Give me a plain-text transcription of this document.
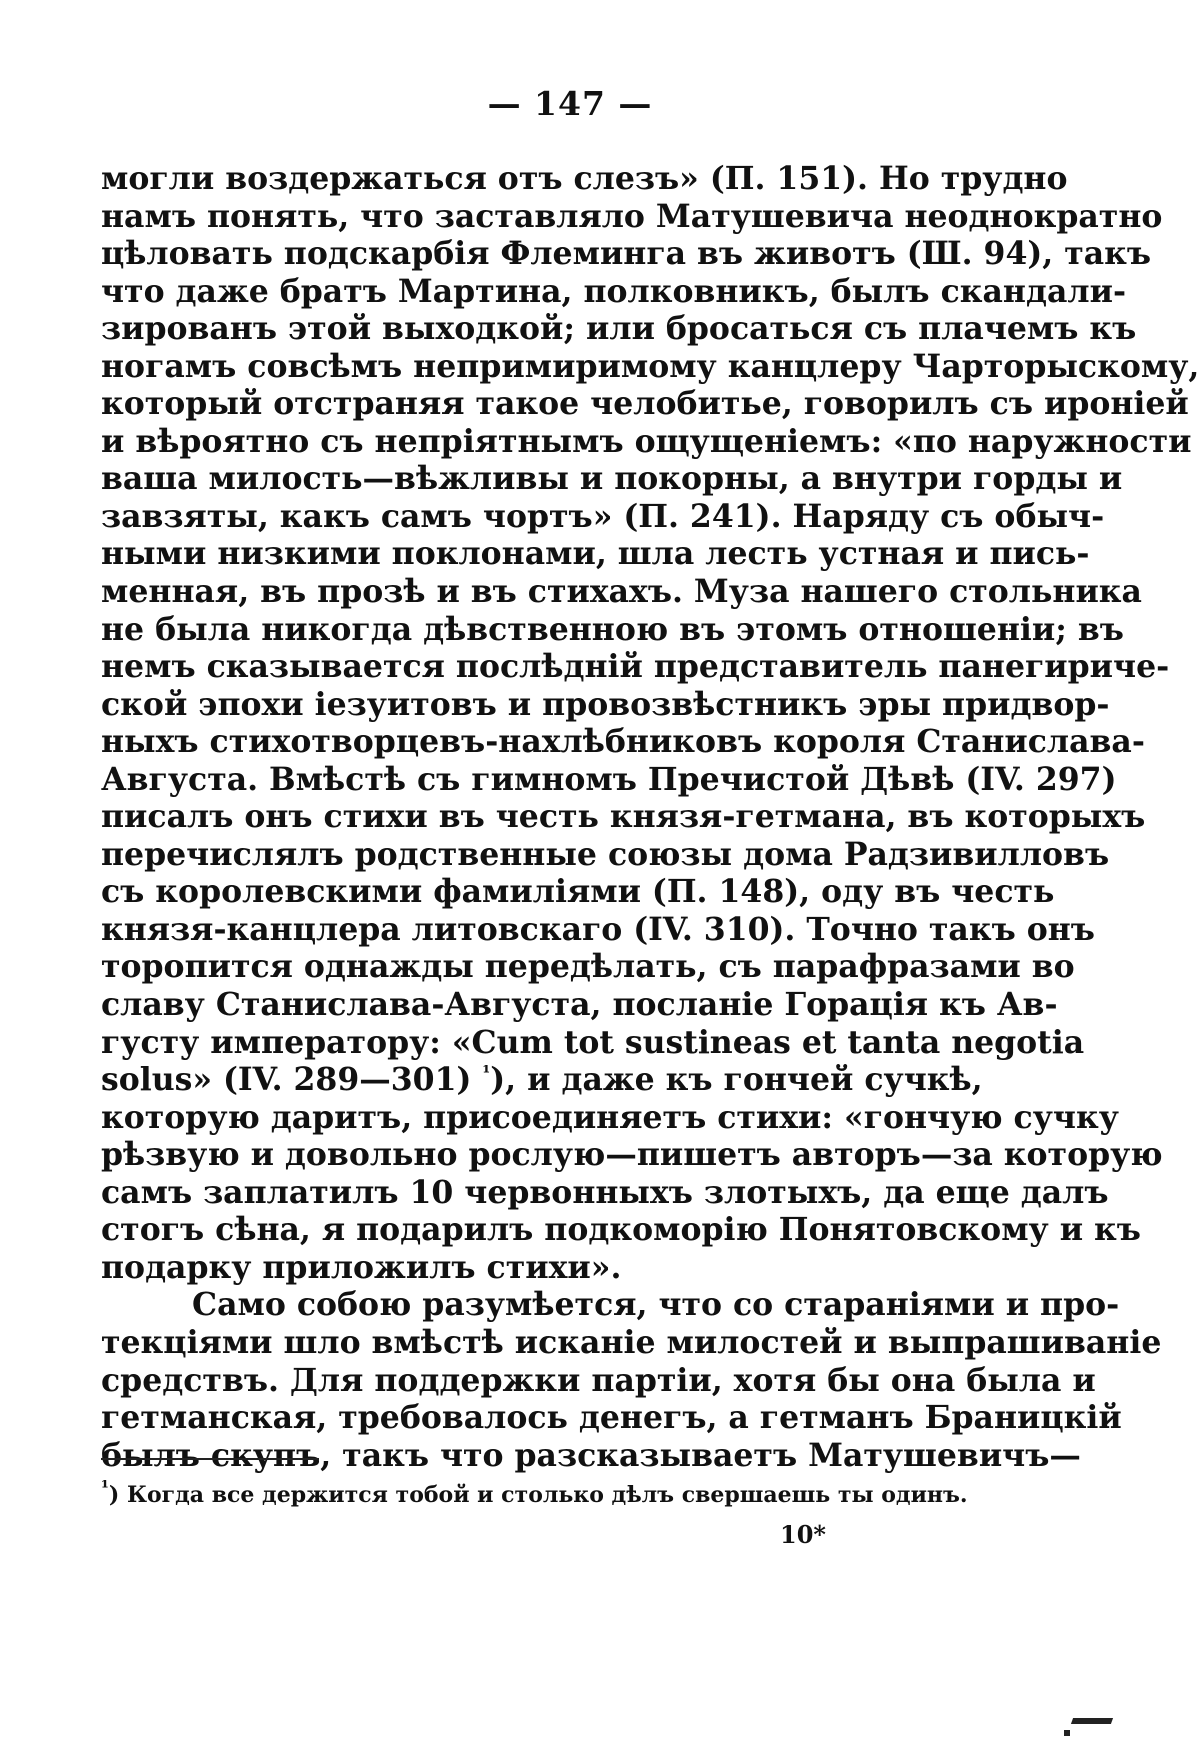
— 147 —

могли воздержаться отъ слезъ» (П. 151). Но трудно
намъ понять, что заставляло Матушевича неоднократно
цѣловать подскарбія Флеминга въ животъ (Ш. 94), такъ
что даже братъ Мартина, полковникъ, былъ скандали-
зированъ этой выходкой; или бросаться съ плачемъ къ
ногамъ совсѣмъ непримиримому канцлеру Чарторыскому,
который отстраняя такое челобитье, говорилъ съ ироніей
и вѣроятно съ непріятнымъ ощущеніемъ: «по наружности
ваша милость—вѣжливы и покорны, а внутри горды и
завзяты, какъ самъ чортъ» (П. 241). Наряду съ обыч-
ными низкими поклонами, шла лесть устная и пись-
менная, въ прозѣ и въ стихахъ. Муза нашего стольника
не была никогда дѣвственною въ этомъ отношеніи; въ
немъ сказывается послѣдній представитель панегириче-
ской эпохи іезуитовъ и провозвѣстникъ эры придвор-
ныхъ стихотворцевъ-нахлѣбниковъ короля Станислава-
Августа. Вмѣстѣ съ гимномъ Пречистой Дѣвѣ (IV. 297)
писалъ онъ стихи въ честь князя-гетмана, въ которыхъ
перечислялъ родственные союзы дома Радзивилловъ
съ королевскими фамиліями (П. 148), оду въ честь
князя-канцлера литовскаго (IV. 310). Точно такъ онъ
торопится однажды передѣлать, съ парафразами во
славу Станислава-Августа, посланіе Горація къ Ав-
густу императору: «Cum tot sustineas et tanta negotia
solus» (IV. 289—301) $^{^1}$), и даже къ гончей сучкѣ,
которую даритъ, присоединяетъ стихи: «гончую сучку
рѣзвую и довольно рослую—пишетъ авторъ—за которую
самъ заплатилъ 10 червонныхъ злотыхъ, да еще далъ
стогъ сѣна, я подарилъ подкоморію Понятовскому и къ
подарку приложилъ стихи».

Само собою разумѣется, что со стараніями и про-
текціями шло вмѣстѣ исканіе милостей и выпрашиваніе
средствъ. Для поддержки партіи, хотя бы она была и
гетманская, требовалось денегъ, а гетманъ Браницкій
былъ скупъ, такъ что разсказываетъ Матушевичъ—

$^{^1}$) Когда все держится тобой и столько дѣлъ свершаешь ты одинъ.
10*
